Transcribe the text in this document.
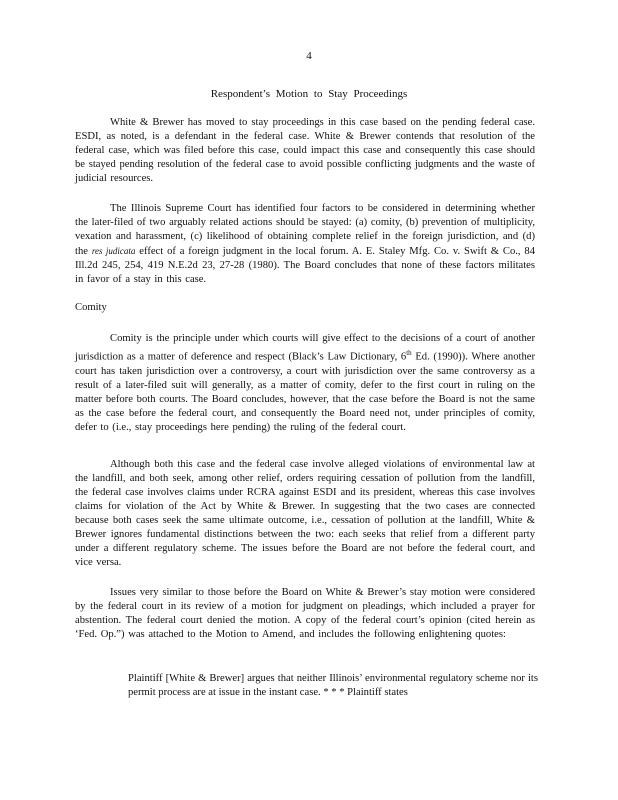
4
Respondent’s Motion to Stay Proceedings

White & Brewer has moved to stay proceedings in this case based on the pending federal case. ESDI, as noted, is a defendant in the federal case. White & Brewer contends that resolution of the federal case, which was filed before this case, could impact this case and consequently this case should be stayed pending resolution of the federal case to avoid possible conflicting judgments and the waste of judicial resources.

The Illinois Supreme Court has identified four factors to be considered in determining whether the later-filed of two arguably related actions should be stayed: (a) comity, (b) prevention of multiplicity, vexation and harassment, (c) likelihood of obtaining complete relief in the foreign jurisdiction, and (d) the res judicata effect of a foreign judgment in the local forum. A. E. Staley Mfg. Co. v. Swift & Co., 84 Ill.2d 245, 254, 419 N.E.2d 23, 27-28 (1980). The Board concludes that none of these factors militates in favor of a stay in this case.

Comity

Comity is the principle under which courts will give effect to the decisions of a court of another jurisdiction as a matter of deference and respect (Black’s Law Dictionary, 6th Ed. (1990)). Where another court has taken jurisdiction over a controversy, a court with jurisdiction over the same controversy as a result of a later-filed suit will generally, as a matter of comity, defer to the first court in ruling on the matter before both courts. The Board concludes, however, that the case before the Board is not the same as the case before the federal court, and consequently the Board need not, under principles of comity, defer to (i.e., stay proceedings here pending) the ruling of the federal court.

Although both this case and the federal case involve alleged violations of environmental law at the landfill, and both seek, among other relief, orders requiring cessation of pollution from the landfill, the federal case involves claims under RCRA against ESDI and its president, whereas this case involves claims for violation of the Act by White & Brewer. In suggesting that the two cases are connected because both cases seek the same ultimate outcome, i.e., cessation of pollution at the landfill, White & Brewer ignores fundamental distinctions between the two: each seeks that relief from a different party under a different regulatory scheme. The issues before the Board are not before the federal court, and vice versa.

Issues very similar to those before the Board on White & Brewer’s stay motion were considered by the federal court in its review of a motion for judgment on pleadings, which included a prayer for abstention. The federal court denied the motion. A copy of the federal court’s opinion (cited herein as ‘Fed. Op.”) was attached to the Motion to Amend, and includes the following enlightening quotes:

Plaintiff [White & Brewer] argues that neither Illinois’ environmental regulatory scheme nor its permit process are at issue in the instant case. * * * Plaintiff states
